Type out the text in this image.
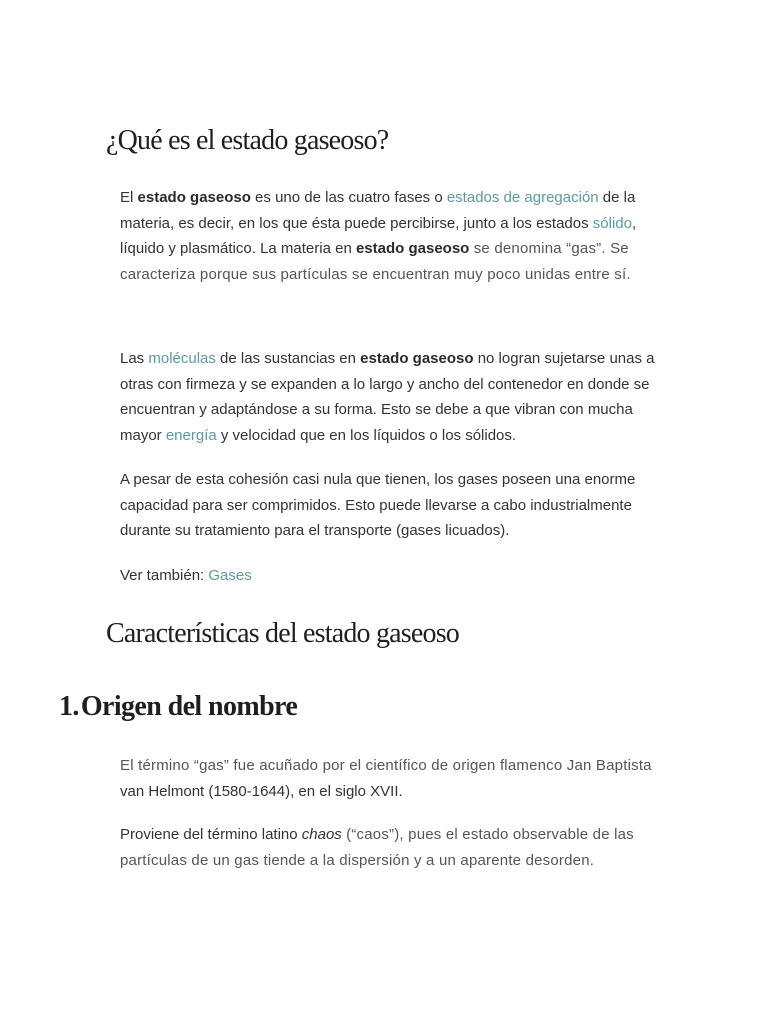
¿Qué es el estado gaseoso?

El estado gaseoso es uno de las cuatro fases o estados de agregación de la materia, es decir, en los que ésta puede percibirse, junto a los estados sólido, líquido y plasmático. La materia en estado gaseoso se denomina “gas”. Se caracteriza porque sus partículas se encuentran muy poco unidas entre sí.

Las moléculas de las sustancias en estado gaseoso no logran sujetarse unas a otras con firmeza y se expanden a lo largo y ancho del contenedor en donde se encuentran y adaptándose a su forma. Esto se debe a que vibran con mucha mayor energía y velocidad que en los líquidos o los sólidos.

A pesar de esta cohesión casi nula que tienen, los gases poseen una enorme capacidad para ser comprimidos. Esto puede llevarse a cabo industrialmente durante su tratamiento para el transporte (gases licuados).

Ver también: Gases

Características del estado gaseoso
1.Origen del nombre

El término “gas” fue acuñado por el científico de origen flamenco Jan Baptista van Helmont (1580-1644), en el siglo XVII.

Proviene del término latino chaos (“caos”), pues el estado observable de las partículas de un gas tiende a la dispersión y a un aparente desorden.
